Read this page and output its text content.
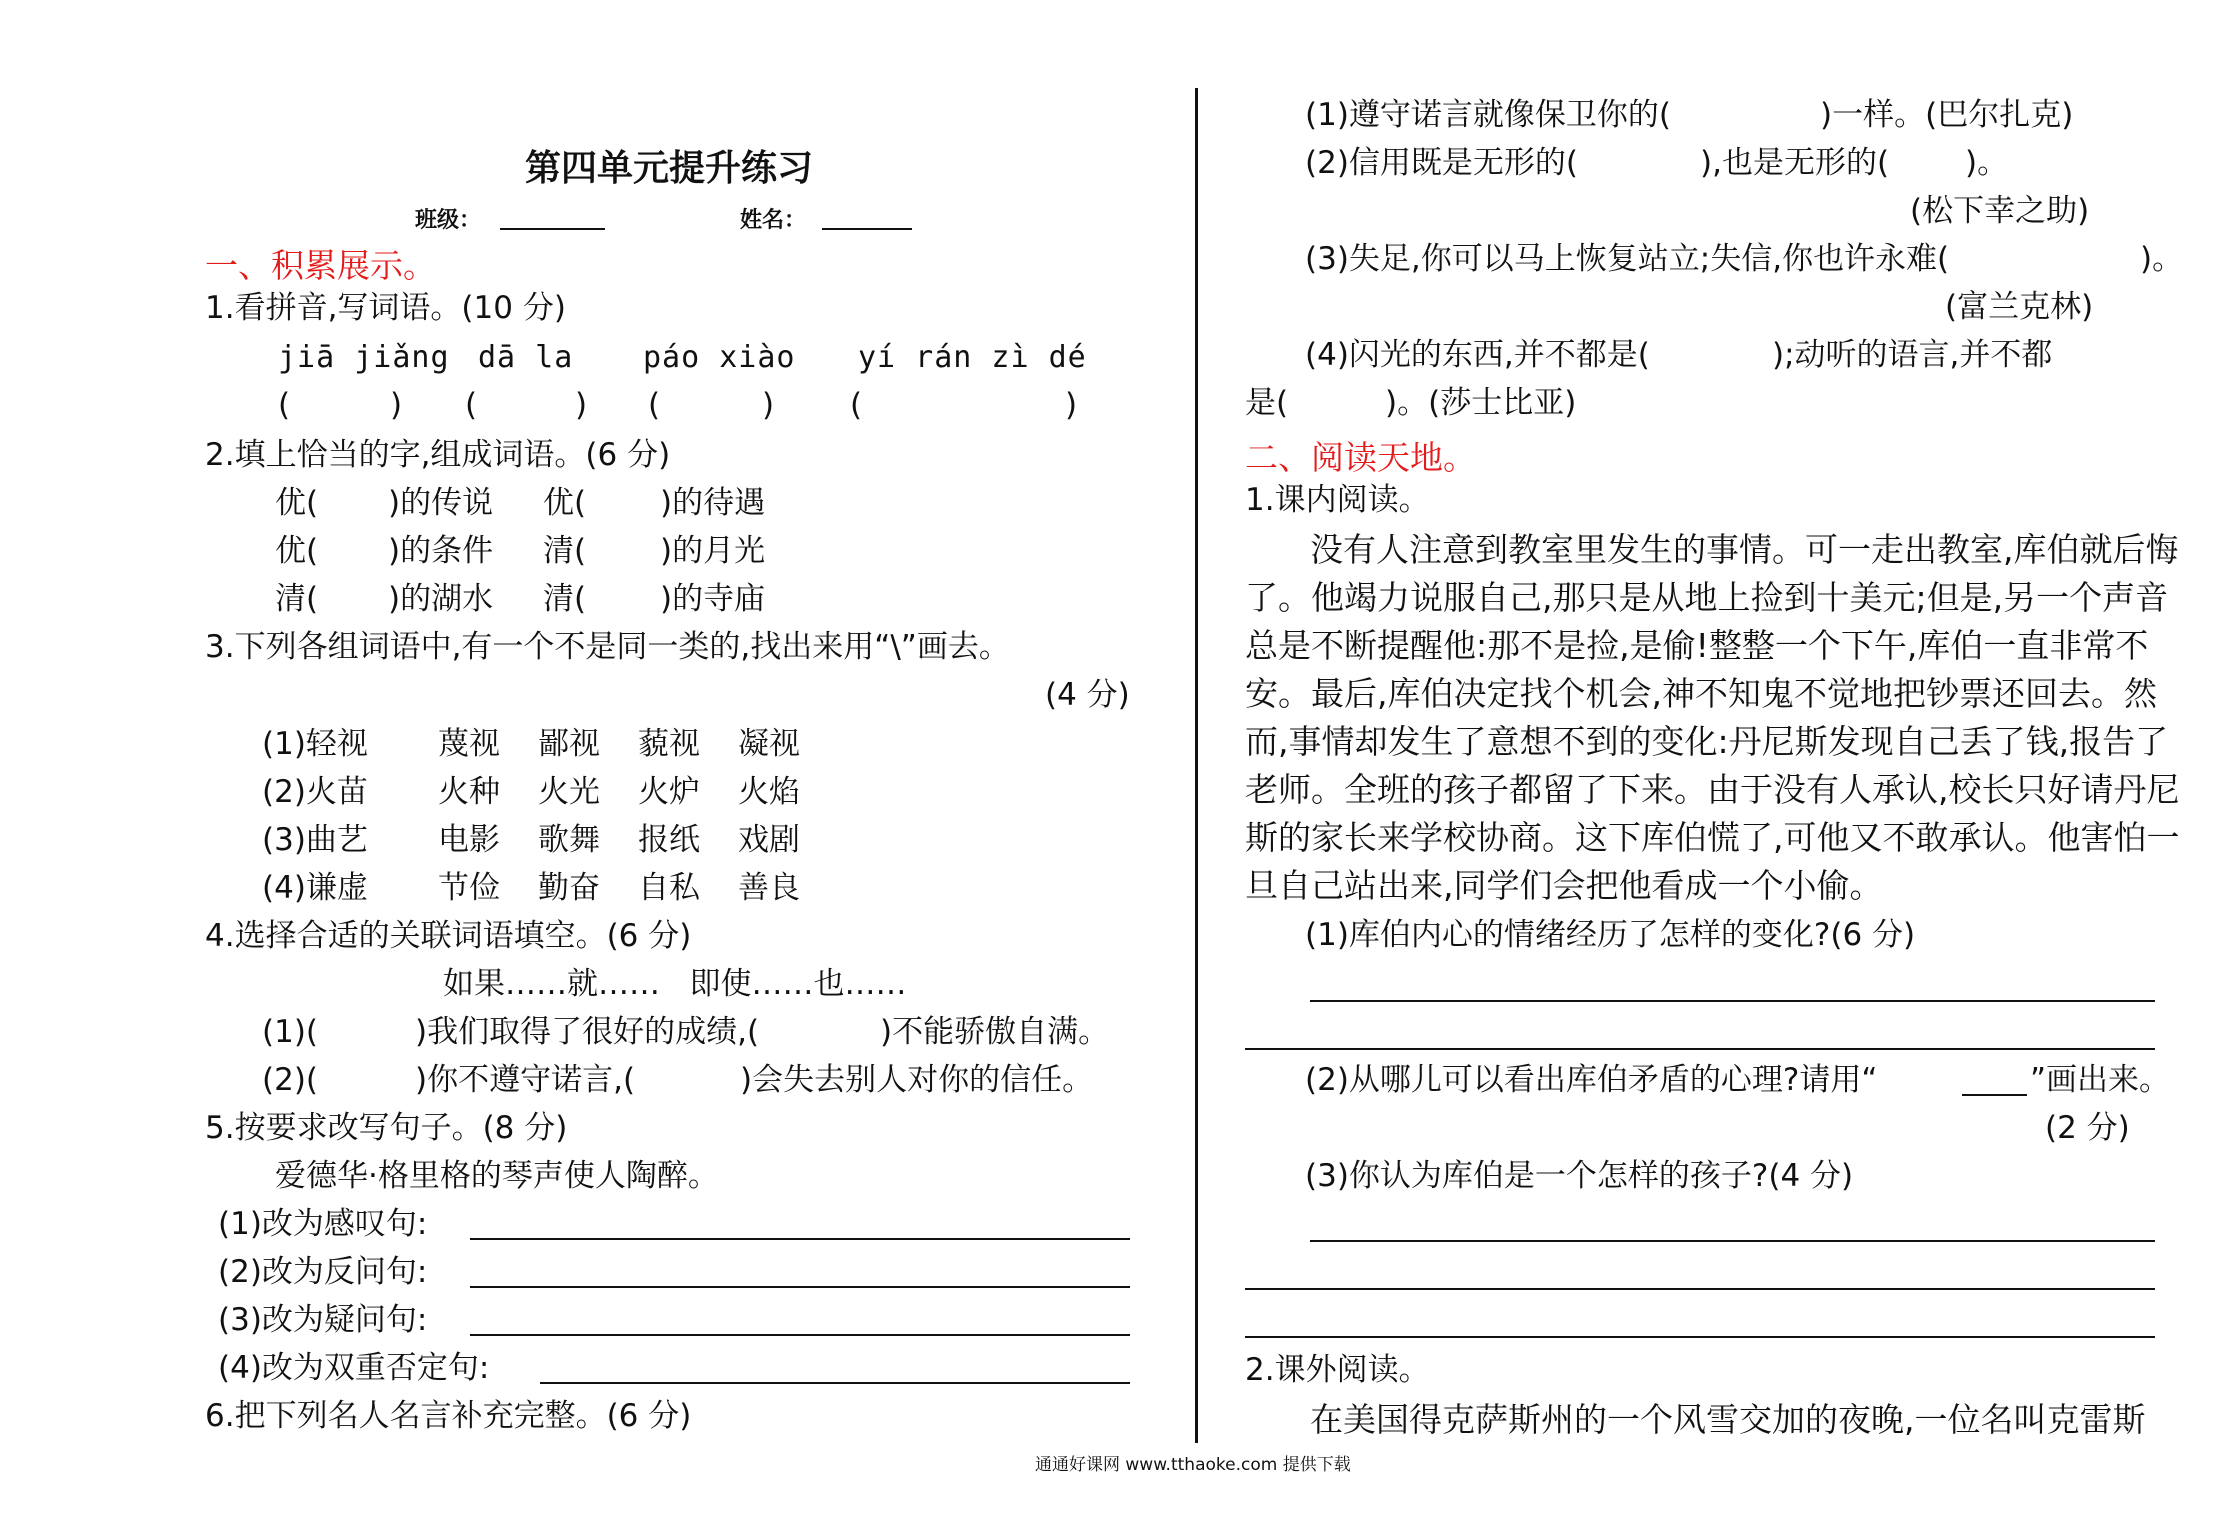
第四单元提升练习
班级：	姓名：
一、积累展示。
1.看拼音,写词语。(10 分)
jiā jiǎng dā la páo xiào yí rán zì dé
(	) (	) (	) (	)
2.填上恰当的字,组成词语。(6 分)
优( )的传说 优( )的待遇
优( )的条件 清( )的月光
清( )的湖水 清( )的寺庙
3.下列各组词语中,有一个不是同一类的,找出来用“\”画去。
(4 分)
(1)轻视 蔑视 鄙视 藐视 凝视
(2)火苗 火种 火光 火炉 火焰
(3)曲艺 电影 歌舞 报纸 戏剧
(4)谦虚 节俭 勤奋 自私 善良
4.选择合适的关联词语填空。(6 分)
如果……就……   即使……也……
(1)(	)我们取得了很好的成绩,(	)不能骄傲自满。
(2)(	)你不遵守诺言,(	)会失去别人对你的信任。
5.按要求改写句子。(8 分)
爱德华·格里格的琴声使人陶醉。
(1)改为感叹句:
(2)改为反问句:
(3)改为疑问句:
(4)改为双重否定句:
6.把下列名人名言补充完整。(6 分)
(1)遵守诺言就像保卫你的(	)一样。(巴尔扎克)
(2)信用既是无形的(	),也是无形的( )。
(松下幸之助)
(3)失足,你可以马上恢复站立;失信,你也许永难(	)。
(富兰克林)
(4)闪光的东西,并不都是(	);动听的语言,并不都
是(	)。(莎士比亚)
二、阅读天地。
1.课内阅读。
没有人注意到教室里发生的事情。可一走出教室,库伯就后悔
了。他竭力说服自己,那只是从地上捡到十美元;但是,另一个声音
总是不断提醒他:那不是捡,是偷!整整一个下午,库伯一直非常不
安。最后,库伯决定找个机会,神不知鬼不觉地把钞票还回去。然
而,事情却发生了意想不到的变化:丹尼斯发现自己丢了钱,报告了
老师。全班的孩子都留了下来。由于没有人承认,校长只好请丹尼
斯的家长来学校协商。这下库伯慌了,可他又不敢承认。他害怕一
旦自己站出来,同学们会把他看成一个小偷。
(1)库伯内心的情绪经历了怎样的变化?(6 分)
(2)从哪儿可以看出库伯矛盾的心理?请用“	”画出来。
(2 分)
(3)你认为库伯是一个怎样的孩子?(4 分)
2.课外阅读。
在美国得克萨斯州的一个风雪交加的夜晚,一位名叫克雷斯
通通好课网 www.tthaoke.com 提供下载
